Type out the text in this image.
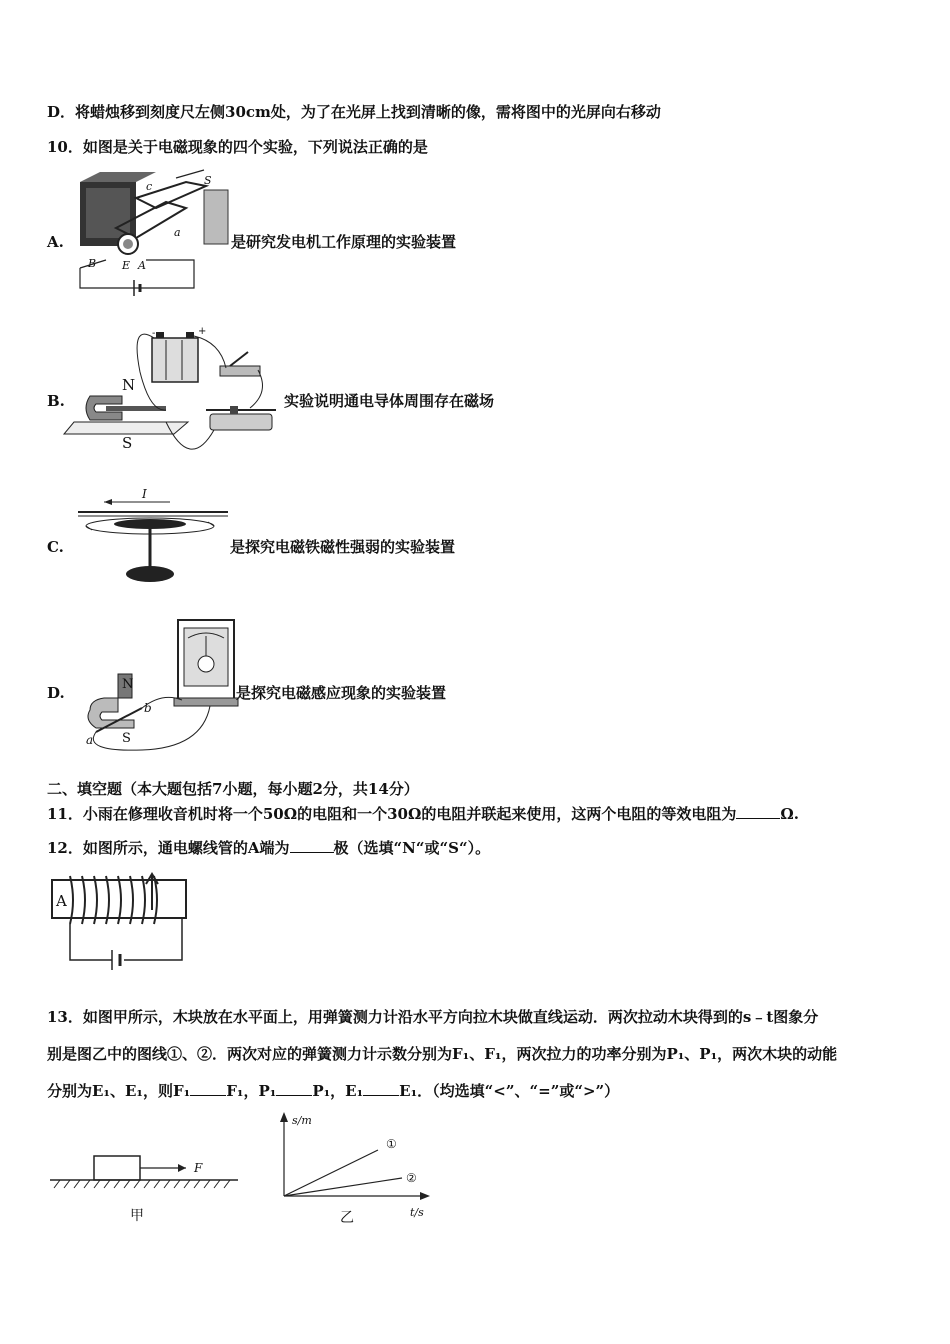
D．将蜡烛移到刻度尺左侧30cm处，为了在光屏上找到清晰的像，需将图中的光屏向右移动
10．如图是关于电磁现象的四个实验，下列说法正确的是
A.
S
c
a
B E A
是研究发电机工作原理的实验装置
B.
-	+
N
S
实验说明通电导体周围存在磁场
C.
I
是探究电磁铁磁性强弱的实验装置
D.	N
S
a
b
是探究电磁感应现象的实验装置
二、填空题（本大题包括7小题，每小题2分，共14分）
11．小雨在修理收音机时将一个50Ω的电阻和一个30Ω的电阻并联起来使用，这两个电阻的等效电阻为	Ω.
12．如图所示，通电螺线管的A端为	极（选填“N“或“S“）。
A
13．如图甲所示，木块放在水平面上，用弹簧测力计沿水平方向拉木块做直线运动．两次拉动木块得到的s﹣t图象分
别是图乙中的图线①、②．两次对应的弹簧测力计示数分别为F₁、F₁，两次拉力的功率分别为P₁、P₁，两次木块的动能
分别为E₁、E₁，则F₁ F₁，P₁ P₁，E₁ E₁．（均选填“<”、“=”或“>”）
F
甲
s/m
t/s
①
②
乙
